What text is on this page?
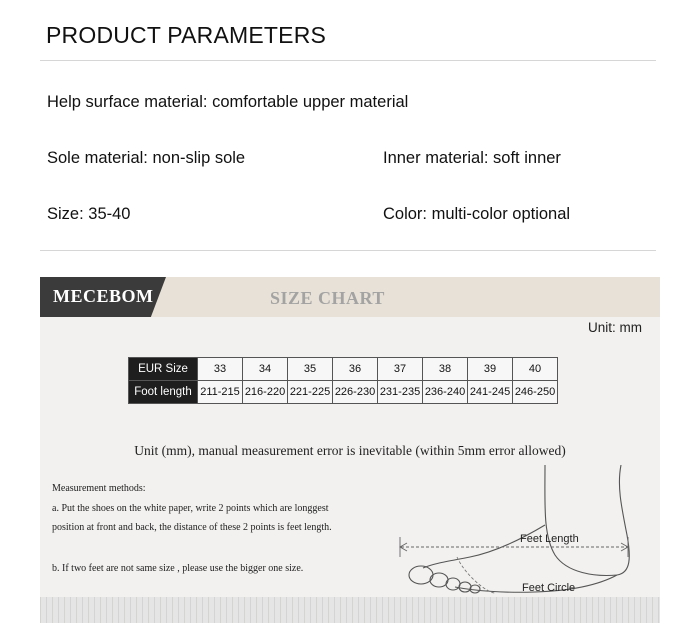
PRODUCT PARAMETERS
Help surface material: comfortable upper material
Sole material: non-slip sole	Inner material: soft inner
Size: 35-40	Color: multi-color optional
MECEBOM	SIZE CHART
Unit: mm
EUR Size	33	34	35	36	37	38	39	40
Foot length	211-215	216-220	221-225	226-230	231-235	236-240	241-245	246-250
Unit (mm), manual measurement error is inevitable (within 5mm error allowed)
Measurement methods:
a. Put the shoes on the white paper, write 2 points which are longgest
position at front and back, the distance of these 2 points is feet length.
b. If two feet are not same size , please use the bigger one size.
Feet Length
Feet Circle
